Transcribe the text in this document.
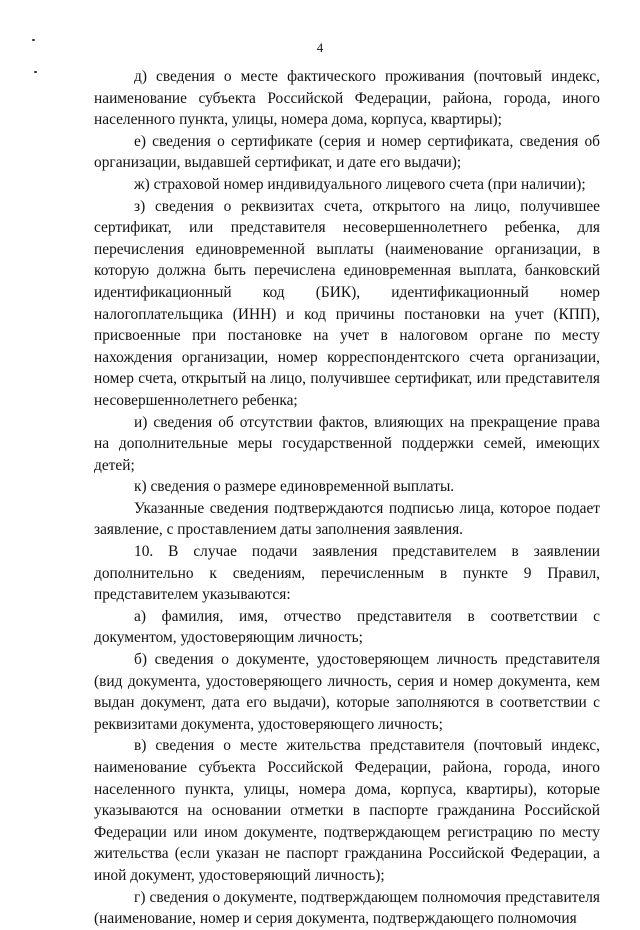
4

д) сведения о месте фактического проживания (почтовый индекс, наименование субъекта Российской Федерации, района, города, иного населенного пункта, улицы, номера дома, корпуса, квартиры);

е) сведения о сертификате (серия и номер сертификата, сведения об организации, выдавшей сертификат, и дате его выдачи);

ж) страховой номер индивидуального лицевого счета (при наличии);

з) сведения о реквизитах счета, открытого на лицо, получившее сертификат, или представителя несовершеннолетнего ребенка, для перечисления единовременной выплаты (наименование организации, в которую должна быть перечислена единовременная выплата, банковский идентификационный код (БИК), идентификационный номер налогоплательщика (ИНН) и код причины постановки на учет (КПП), присвоенные при постановке на учет в налоговом органе по месту нахождения организации, номер корреспондентского счета организации, номер счета, открытый на лицо, получившее сертификат, или представителя несовершеннолетнего ребенка;

и) сведения об отсутствии фактов, влияющих на прекращение права на дополнительные меры государственной поддержки семей, имеющих детей;

к) сведения о размере единовременной выплаты.

Указанные сведения подтверждаются подписью лица, которое подает заявление, с проставлением даты заполнения заявления.

10. В случае подачи заявления представителем в заявлении дополнительно к сведениям, перечисленным в пункте 9 Правил, представителем указываются:

а) фамилия, имя, отчество представителя в соответствии с документом, удостоверяющим личность;

б) сведения о документе, удостоверяющем личность представителя (вид документа, удостоверяющего личность, серия и номер документа, кем выдан документ, дата его выдачи), которые заполняются в соответствии с реквизитами документа, удостоверяющего личность;

в) сведения о месте жительства представителя (почтовый индекс, наименование субъекта Российской Федерации, района, города, иного населенного пункта, улицы, номера дома, корпуса, квартиры), которые указываются на основании отметки в паспорте гражданина Российской Федерации или ином документе, подтверждающем регистрацию по месту жительства (если указан не паспорт гражданина Российской Федерации, а иной документ, удостоверяющий личность);

г) сведения о документе, подтверждающем полномочия представителя (наименование, номер и серия документа, подтверждающего полномочия
